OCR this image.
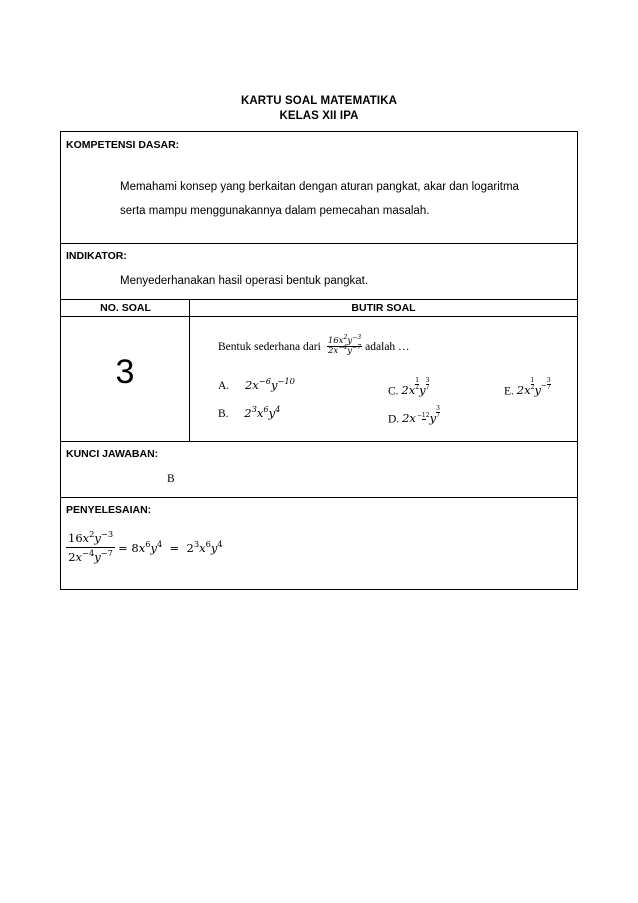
KARTU SOAL MATEMATIKA
KELAS XII IPA
KOMPETENSI DASAR:
Memahami konsep yang berkaitan dengan aturan pangkat, akar dan logaritma
serta mampu menggunakannya dalam pemecahan masalah.
INDIKATOR:
Menyederhanakan hasil operasi bentuk pangkat.
NO. SOAL	BUTIR SOAL
3
Bentuk sederhana dari $\frac{16x^2y^{-3}}{2x^{-4}y^{-7}}$ adalah …
A. $2x^{-6}y^{-10}$
B. $2^3x^6y^4$
C. $2x \frac{1}{2}$ y $\frac{3}{7}$
D. 2x−1
2 y $\frac{3}{7}$
E. $2x \frac{1}{2} y^- \frac{3}{7}$
KUNCI JAWABAN:
B
PENYELESAIAN:
$\frac{16x^2y^{-3}}{2x^{-4}y^{-7}} = 8x^6y^4 = 2^3x^6y^4$
